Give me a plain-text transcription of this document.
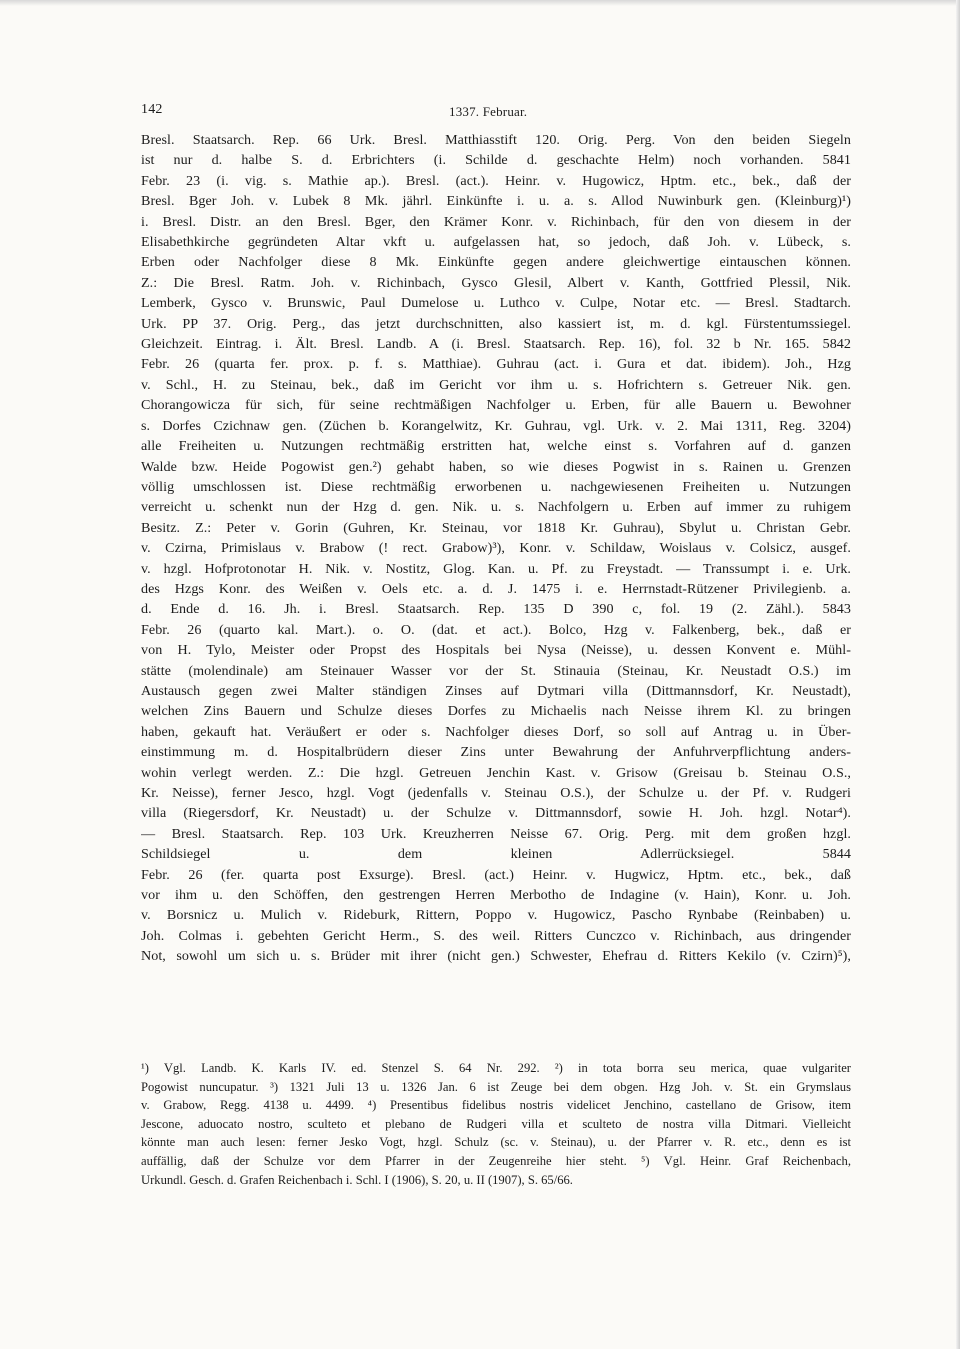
142	1337. Februar.
Bresl. Staatsarch. Rep. 66 Urk. Bresl. Matthiasstift 120. Orig. Perg. Von den beiden Siegeln
ist nur d. halbe S. d. Erbrichters (i. Schilde d. geschachte Helm) noch vorhanden. 5841
Febr. 23 (i. vig. s. Mathie ap.). Bresl. (act.). Heinr. v. Hugowicz, Hptm. etc., bek., daß der
Bresl. Bger Joh. v. Lubek 8 Mk. jährl. Einkünfte i. u. a. s. Allod Nuwinburk gen. (Kleinburg)¹)
i. Bresl. Distr. an den Bresl. Bger, den Krämer Konr. v. Richinbach, für den von diesem in der
Elisabethkirche gegründeten Altar vkft u. aufgelassen hat, so jedoch, daß Joh. v. Lübeck, s.
Erben oder Nachfolger diese 8 Mk. Einkünfte gegen andere gleichwertige eintauschen können.
Z.: Die Bresl. Ratm. Joh. v. Richinbach, Gysco Glesil, Albert v. Kanth, Gottfried Plessil, Nik.
Lemberk, Gysco v. Brunswic, Paul Dumelose u. Luthco v. Culpe, Notar etc. — Bresl. Stadtarch.
Urk. PP 37. Orig. Perg., das jetzt durchschnitten, also kassiert ist, m. d. kgl. Fürstentumssiegel.
Gleichzeit. Eintrag. i. Ält. Bresl. Landb. A (i. Bresl. Staatsarch. Rep. 16), fol. 32 b Nr. 165. 5842
Febr. 26 (quarta fer. prox. p. f. s. Matthiae). Guhrau (act. i. Gura et dat. ibidem). Joh., Hzg
v. Schl., H. zu Steinau, bek., daß im Gericht vor ihm u. s. Hofrichtern s. Getreuer Nik. gen.
Chorangowicza für sich, für seine rechtmäßigen Nachfolger u. Erben, für alle Bauern u. Bewohner
s. Dorfes Czichnaw gen. (Züchen b. Korangelwitz, Kr. Guhrau, vgl. Urk. v. 2. Mai 1311, Reg. 3204)
alle Freiheiten u. Nutzungen rechtmäßig erstritten hat, welche einst s. Vorfahren auf d. ganzen
Walde bzw. Heide Pogowist gen.²) gehabt haben, so wie dieses Pogwist in s. Rainen u. Grenzen
völlig umschlossen ist. Diese rechtmäßig erworbenen u. nachgewiesenen Freiheiten u. Nutzungen
verreicht u. schenkt nun der Hzg d. gen. Nik. u. s. Nachfolgern u. Erben auf immer zu ruhigem
Besitz. Z.: Peter v. Gorin (Guhren, Kr. Steinau, vor 1818 Kr. Guhrau), Sbylut u. Christan Gebr.
v. Czirna, Primislaus v. Brabow (! rect. Grabow)³), Konr. v. Schildaw, Woislaus v. Colsicz, ausgef.
v. hzgl. Hofprotonotar H. Nik. v. Nostitz, Glog. Kan. u. Pf. zu Freystadt. — Transsumpt i. e. Urk.
des Hzgs Konr. des Weißen v. Oels etc. a. d. J. 1475 i. e. Herrnstadt-Rützener Privilegienb. a.
d. Ende d. 16. Jh. i. Bresl. Staatsarch. Rep. 135 D 390 c, fol. 19 (2. Zähl.). 5843
Febr. 26 (quarto kal. Mart.). o. O. (dat. et act.). Bolco, Hzg v. Falkenberg, bek., daß er
von H. Tylo, Meister oder Propst des Hospitals bei Nysa (Neisse), u. dessen Konvent e. Mühl-
stätte (molendinale) am Steinauer Wasser vor der St. Stinauia (Steinau, Kr. Neustadt O.S.) im
Austausch gegen zwei Malter ständigen Zinses auf Dytmari villa (Dittmannsdorf, Kr. Neustadt),
welchen Zins Bauern und Schulze dieses Dorfes zu Michaelis nach Neisse ihrem Kl. zu bringen
haben, gekauft hat. Veräußert er oder s. Nachfolger dieses Dorf, so soll auf Antrag u. in Über-
einstimmung m. d. Hospitalbrüdern dieser Zins unter Bewahrung der Anfuhrverpflichtung anders-
wohin verlegt werden. Z.: Die hzgl. Getreuen Jenchin Kast. v. Grisow (Greisau b. Steinau O.S.,
Kr. Neisse), ferner Jesco, hzgl. Vogt (jedenfalls v. Steinau O.S.), der Schulze u. der Pf. v. Rudgeri
villa (Riegersdorf, Kr. Neustadt) u. der Schulze v. Dittmannsdorf, sowie H. Joh. hzgl. Notar⁴).
— Bresl. Staatsarch. Rep. 103 Urk. Kreuzherren Neisse 67. Orig. Perg. mit dem großen hzgl.
Schildsiegel u. dem kleinen Adlerrücksiegel. 5844
Febr. 26 (fer. quarta post Exsurge). Bresl. (act.) Heinr. v. Hugwicz, Hptm. etc., bek., daß
vor ihm u. den Schöffen, den gestrengen Herren Merbotho de Indagine (v. Hain), Konr. u. Joh.
v. Borsnicz u. Mulich v. Rideburk, Rittern, Poppo v. Hugowicz, Pascho Rynbabe (Reinbaben) u.
Joh. Colmas i. gebehten Gericht Herm., S. des weil. Ritters Cunczco v. Richinbach, aus dringender
Not, sowohl um sich u. s. Brüder mit ihrer (nicht gen.) Schwester, Ehefrau d. Ritters Kekilo (v. Czirn)⁵),
¹) Vgl. Landb. K. Karls IV. ed. Stenzel S. 64 Nr. 292. ²) in tota borra seu merica, quae vulgariter
Pogowist nuncupatur. ³) 1321 Juli 13 u. 1326 Jan. 6 ist Zeuge bei dem obgen. Hzg Joh. v. St. ein Grymslaus
v. Grabow, Regg. 4138 u. 4499. ⁴) Presentibus fidelibus nostris videlicet Jenchino, castellano de Grisow, item
Jescone, aduocato nostro, sculteto et plebano de Rudgeri villa et sculteto de nostra villa Ditmari. Vielleicht
könnte man auch lesen: ferner Jesko Vogt, hzgl. Schulz (sc. v. Steinau), u. der Pfarrer v. R. etc., denn es ist
auffällig, daß der Schulze vor dem Pfarrer in der Zeugenreihe hier steht. ⁵) Vgl. Heinr. Graf Reichenbach,
Urkundl. Gesch. d. Grafen Reichenbach i. Schl. I (1906), S. 20, u. II (1907), S. 65/66.
